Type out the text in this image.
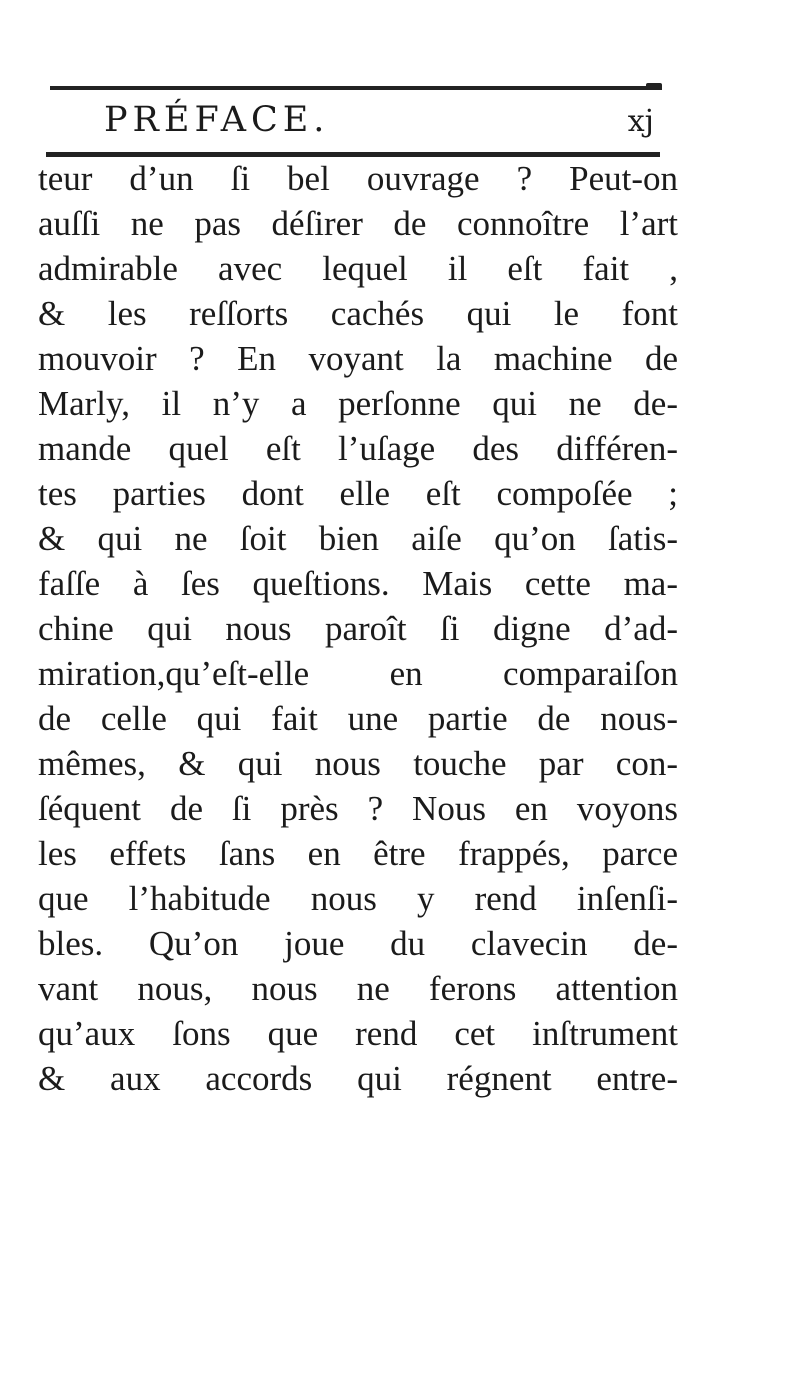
PRÉFACE.	xj
teur d’un ſi bel ouvrage ? Peut-on
auſſi ne pas déſirer de connoître l’art
admirable avec lequel il eſt fait ,
& les reſſorts cachés qui le font
mouvoir ? En voyant la machine de
Marly, il n’y a perſonne qui ne de-
mande quel eſt l’uſage des différen-
tes parties dont elle eſt compoſée ;
& qui ne ſoit bien aiſe qu’on ſatis-
faſſe à ſes queſtions. Mais cette ma-
chine qui nous paroît ſi digne d’ad-
miration,qu’eſt-elle en comparaiſon
de celle qui fait une partie de nous-
mêmes, & qui nous touche par con-
ſéquent de ſi près ? Nous en voyons
les effets ſans en être frappés, parce
que l’habitude nous y rend inſenſi-
bles. Qu’on joue du clavecin de-
vant nous, nous ne ferons attention
qu’aux ſons que rend cet inſtrument
& aux accords qui régnent entre-
